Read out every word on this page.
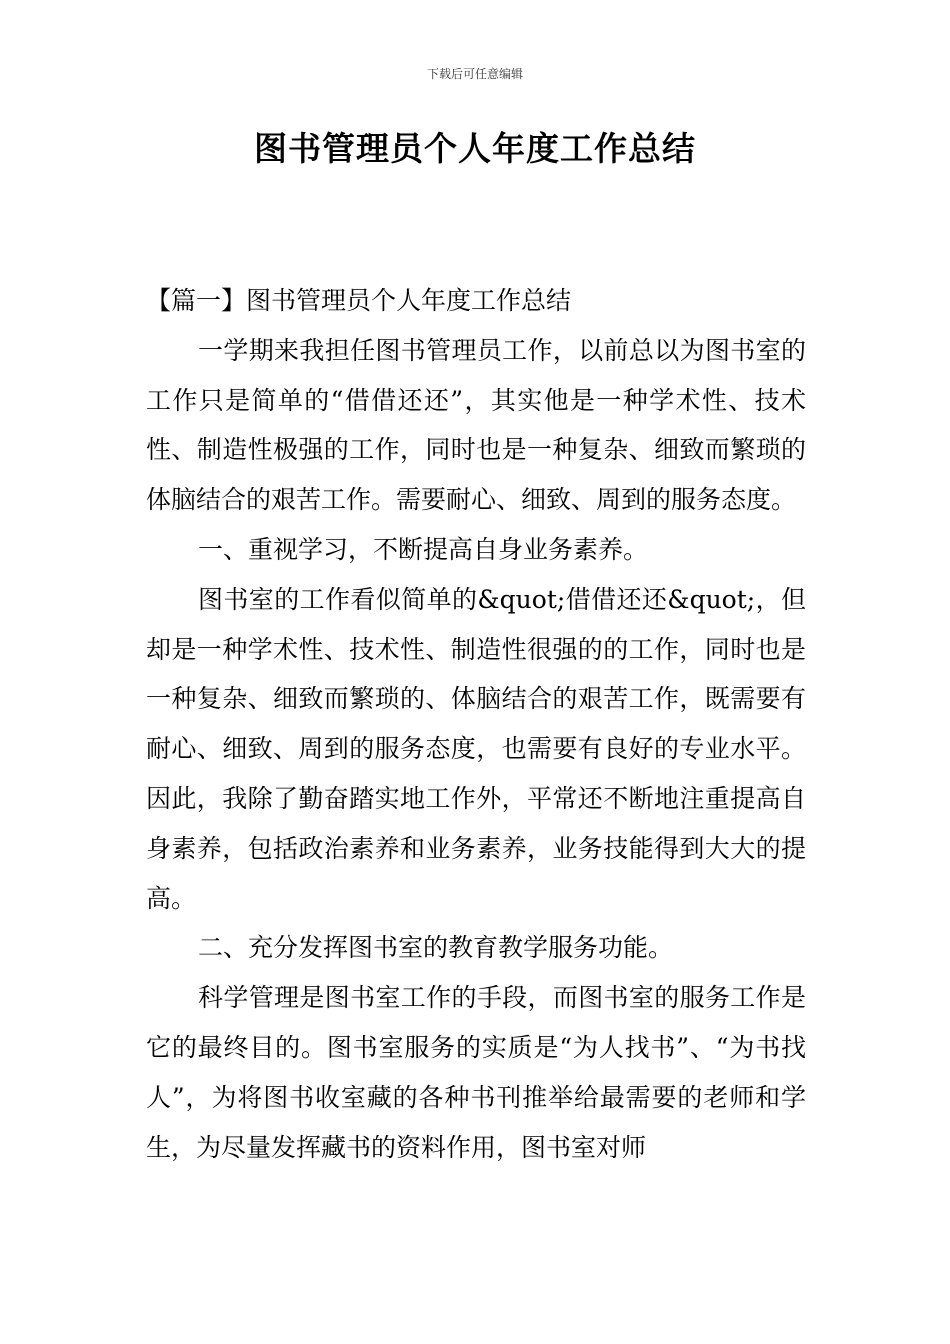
下载后可任意编辑
图书管理员个人年度工作总结

【篇一】图书管理员个人年度工作总结

一学期来我担任图书管理员工作，以前总以为图书室的工作只是简单的“借借还还”，其实他是一种学术性、技术性、制造性极强的工作，同时也是一种复杂、细致而繁琐的体脑结合的艰苦工作。需要耐心、细致、周到的服务态度。

一、重视学习，不断提高自身业务素养。

图书室的工作看似简单的&quot;借借还还&quot;，但却是一种学术性、技术性、制造性很强的的工作，同时也是一种复杂、细致而繁琐的、体脑结合的艰苦工作，既需要有耐心、细致、周到的服务态度，也需要有良好的专业水平。因此，我除了勤奋踏实地工作外，平常还不断地注重提高自身素养，包括政治素养和业务素养，业务技能得到大大的提高。

二、充分发挥图书室的教育教学服务功能。

科学管理是图书室工作的手段，而图书室的服务工作是它的最终目的。图书室服务的实质是“为人找书”、“为书找人”，为将图书收室藏的各种书刊推举给最需要的老师和学生，为尽量发挥藏书的资料作用，图书室对师
